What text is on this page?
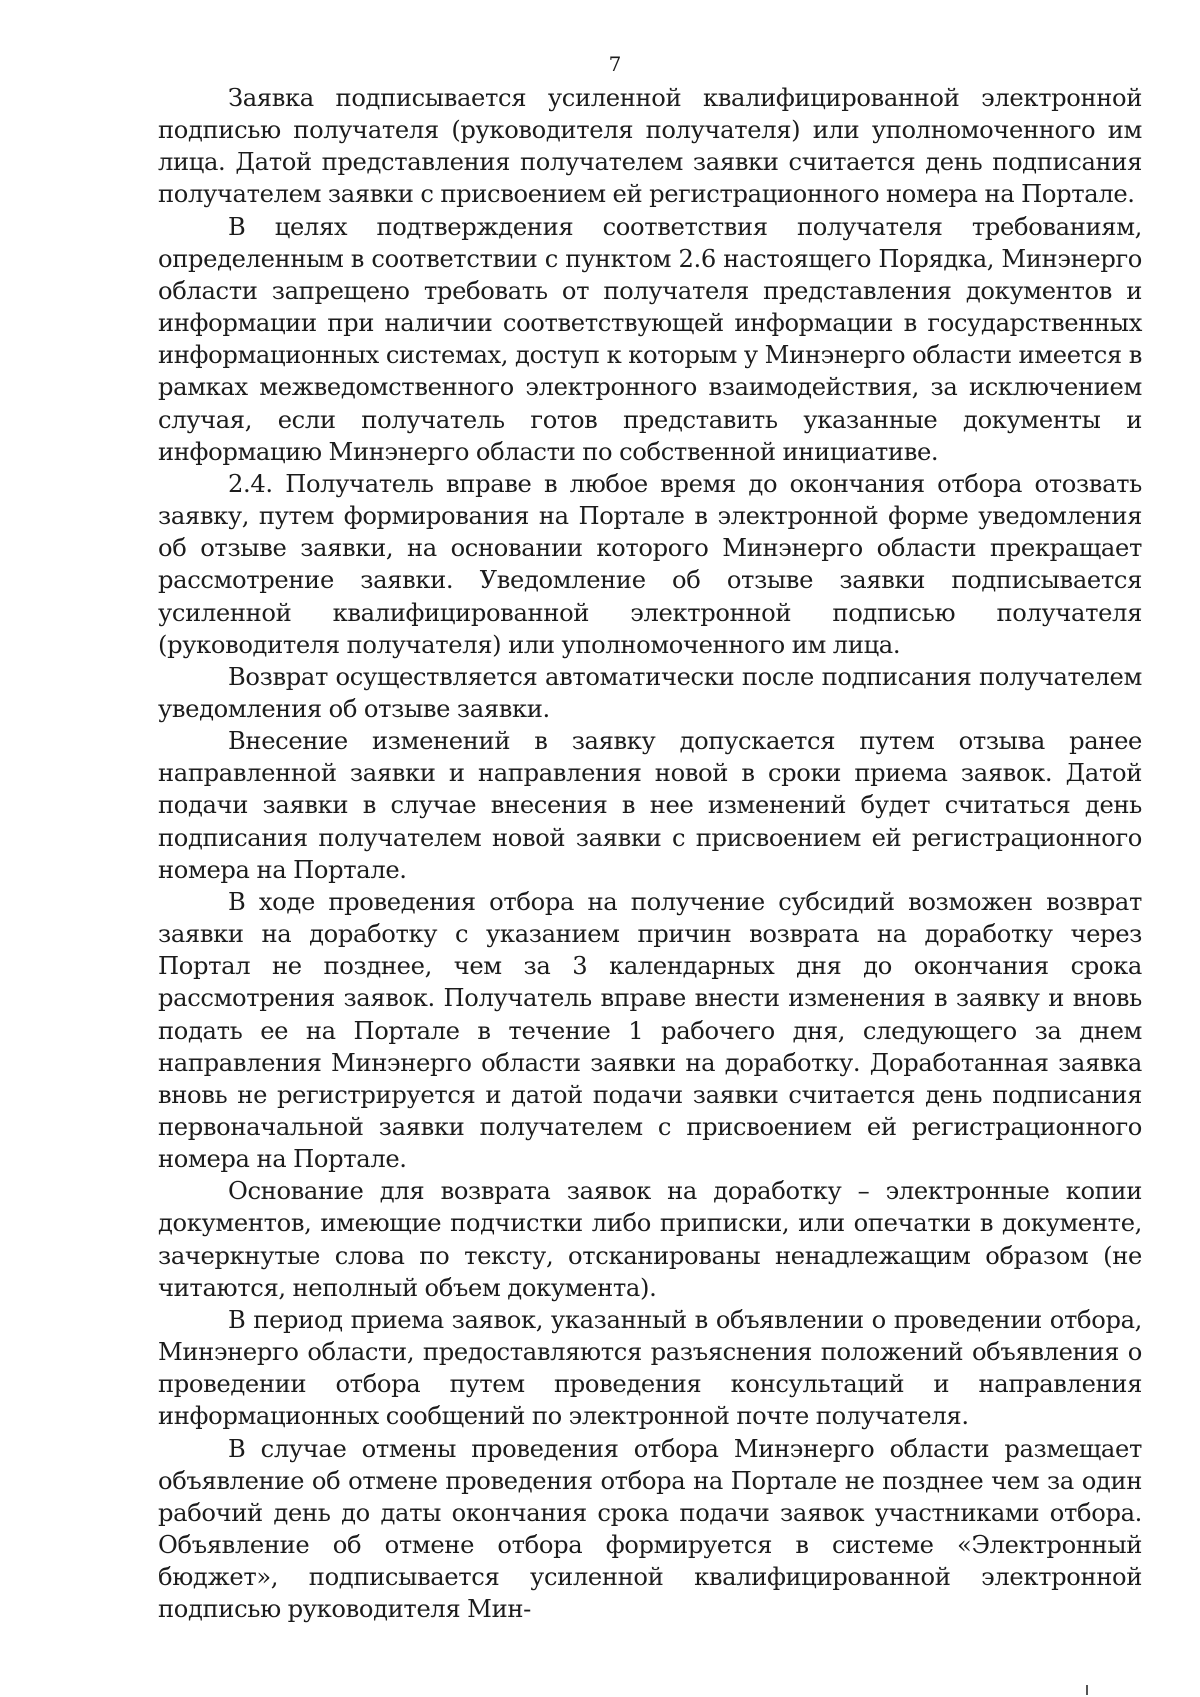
7

Заявка подписывается усиленной квалифицированной электронной подписью получателя (руководителя получателя) или уполномоченного им лица. Датой представления получателем заявки считается день подписания получателем заявки с присвоением ей регистрационного номера на Портале.

В целях подтверждения соответствия получателя требованиям, определенным в соответствии с пунктом 2.6 настоящего Порядка, Минэнерго области запрещено требовать от получателя представления документов и информации при наличии соответствующей информации в государственных информационных системах, доступ к которым у Минэнерго области имеется в рамках межведомственного электронного взаимодействия, за исключением случая, если получатель готов представить указанные документы и информацию Минэнерго области по собственной инициативе.

2.4. Получатель вправе в любое время до окончания отбора отозвать заявку, путем формирования на Портале в электронной форме уведомления об отзыве заявки, на основании которого Минэнерго области прекращает рассмотрение заявки. Уведомление об отзыве заявки подписывается усиленной квалифицированной электронной подписью получателя (руководителя получателя) или уполномоченного им лица.

Возврат осуществляется автоматически после подписания получателем уведомления об отзыве заявки.

Внесение изменений в заявку допускается путем отзыва ранее направленной заявки и направления новой в сроки приема заявок. Датой подачи заявки в случае внесения в нее изменений будет считаться день подписания получателем новой заявки с присвоением ей регистрационного номера на Портале.

В ходе проведения отбора на получение субсидий возможен возврат заявки на доработку с указанием причин возврата на доработку через Портал не позднее, чем за 3 календарных дня до окончания срока рассмотрения заявок. Получатель вправе внести изменения в заявку и вновь подать ее на Портале в течение 1 рабочего дня, следующего за днем направления Минэнерго области заявки на доработку. Доработанная заявка вновь не регистрируется и датой подачи заявки считается день подписания первоначальной заявки получателем с присвоением ей регистрационного номера на Портале.

Основание для возврата заявок на доработку – электронные копии документов, имеющие подчистки либо приписки, или опечатки в документе, зачеркнутые слова по тексту, отсканированы ненадлежащим образом (не читаются, неполный объем документа).

В период приема заявок, указанный в объявлении о проведении отбора, Минэнерго области, предоставляются разъяснения положений объявления о проведении отбора путем проведения консультаций и направления информационных сообщений по электронной почте получателя.

В случае отмены проведения отбора Минэнерго области размещает объявление об отмене проведения отбора на Портале не позднее чем за один рабочий день до даты окончания срока подачи заявок участниками отбора. Объявление об отмене отбора формируется в системе «Электронный бюджет», подписывается усиленной квалифицированной электронной подписью руководителя Мин-
